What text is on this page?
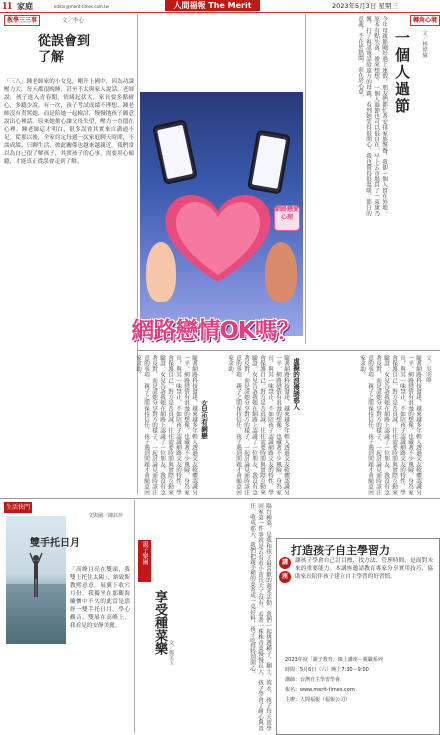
11 家庭	editor@merit-times.com.tw	人間福報 The Merit Times
2023年5月3日 星期三
教學三三事	文／李心
從誤會到了解
「三八」鍾老師家的小女兒，剛升上國中，因為功課壓力大，每天都很晚睡，甚至不太與家人說話。老師說，孩子進入青春期，情緒起伏大，家長要多點耐心，多聽少說。有一次，孩子考試成績不理想，鍾老師沒有責罵她，而是陪她一起檢討，慢慢地孩子願意說出心裡話。原來她擔心讓父母失望，壓力一直悶在心裡。鍾老師這才明白，很多誤會其實來自溝通不足。從那以後，全家約定每週一次家庭聊天時間，不談成績，只聊生活，彼此關係也越來越親近。我們常以為自己很了解孩子，其實孩子的心事，需要用心傾聽，才能真正從誤會走到了解。
轉角心境
文／林瑋倫
一個人過節
今年母親節剛好遇上連假，朋友們都忙著安排家族聚餐，我卻一個人留在外地。原本有點失落，後來想想，一個人過節也可以很自在。早上去市場買了一束康乃馨，打了視訊電話給遠方的母親，看到她笑得很開心，我也覺得很溫暖。節日的意義，不在於熱鬧，而在於心意。
網路戀愛心理
網路戀情OK嗎？
文／吳明峰
隨著網路科技發達，越來越多年輕人透過交友軟體認識另一半。網路戀情有浪漫的想像，也藏著不少風險。身為家長，與其一味禁止，不如陪孩子認識網路交友的特性，學會保護自己。對方是否真誠，往往需要時間與實際互動來驗證。女兒告訴我她在網路上認識了一位朋友，我沒有急著反對，而是請她分享對方的樣子，一起討論見面時該注意的事項。親子之間保持信任，孩子遇到問題才會願意回家求助。
虛擬的浪漫誘惑人
隨著網路科技發達，越來越多年輕人透過交友軟體認識另一半。網路戀情有浪漫的想像，也藏著不少風險。身為家長，與其一味禁止，不如陪孩子認識網路交友的特性，學會保護自己。對方是否真誠，往往需要時間與實際互動來驗證。女兒告訴我她在網路上認識了一位朋友，我沒有急著反對，而是請她分享對方的樣子，一起討論見面時該注意的事項。親子之間保持信任，孩子遇到問題才會願意回家求助。
女兒也有網戀
隨著網路科技發達，越來越多年輕人透過交友軟體認識另一半。網路戀情有浪漫的想像，也藏著不少風險。身為家長，與其一味禁止，不如陪孩子認識網路交友的特性，學會保護自己。對方是否真誠，往往需要時間與實際互動來驗證。女兒告訴我她在網路上認識了一位朋友，我沒有急著反對，而是請她分享對方的樣子，一起討論見面時該注意的事項。親子之間保持信任，孩子遇到問題才會願意回家求助。
生活快門
雙手托日月
文與圖／陳鈺珍
「高峰月亮在雙頭，我雙上托住太陽」，納致斯教熙意意。展翼下收穴月份，我獨坐在那觀海曠懷中不久的此當是那經一雙手托日月。學心觀音、雙展在高峰上，我看見的安靜美麗。
親子樂園
享受種菜樂 文／鄭美玉	陽台種菜，是我和孩子最喜歡的週末活動。我們一起挑選種子、翻土、澆水，孩子每天放學回家第一件事就是去看看小苗長大了沒有。看著一株株青菜慢慢長大，孩子學會了耐心與責任。收成那天，我們把親手種的菜煮成一桌好料，孩子吃得特別開心。	打造孩子自主學習力
講
座
讓孩子學會自己訂目標、找方法、管理時間，是面對未來的重要能力。本講座邀請教育專家分享實用技巧，協助家長陪伴孩子建立自主學習的好習慣。
2023年度「親子教育」線上講座－親職系列
時間：5月6日（六）晚上7:30－9:00
講師：台灣自主學習學會
報名：www.merit-times.com
主辦：人間福報（福報公司）
